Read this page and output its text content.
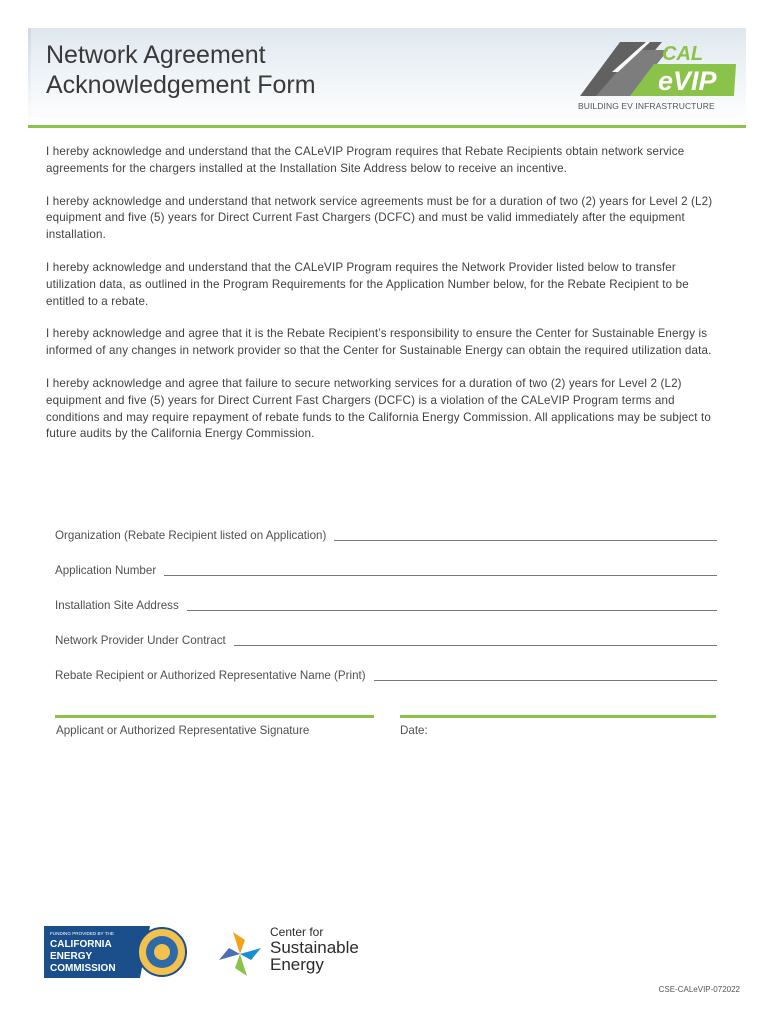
Network Agreement
Acknowledgement Form
CAL
eVIP
BUILDING EV INFRASTRUCTURE

I hereby acknowledge and understand that the CALeVIP Program requires that Rebate Recipients obtain network service agreements for the chargers installed at the Installation Site Address below to receive an incentive.

I hereby acknowledge and understand that network service agreements must be for a duration of two (2) years for Level 2 (L2) equipment and five (5) years for Direct Current Fast Chargers (DCFC) and must be valid immediately after the equipment installation.

I hereby acknowledge and understand that the CALeVIP Program requires the Network Provider listed below to transfer utilization data, as outlined in the Program Requirements for the Application Number below, for the Rebate Recipient to be entitled to a rebate.

I hereby acknowledge and agree that it is the Rebate Recipient’s responsibility to ensure the Center for Sustainable Energy is informed of any changes in network provider so that the Center for Sustainable Energy can obtain the required utilization data.

I hereby acknowledge and agree that failure to secure networking services for a duration of two (2) years for Level 2 (L2) equipment and five (5) years for Direct Current Fast Chargers (DCFC) is a violation of the CALeVIP Program terms and conditions and may require repayment of rebate funds to the California Energy Commission. All applications may be subject to future audits by the California Energy Commission.

Organization (Rebate Recipient listed on Application)
Application Number
Installation Site Address
Network Provider Under Contract
Rebate Recipient or Authorized Representative Name (Print)
Applicant or Authorized Representative Signature	Date:
FUNDING PROVIDED BY THE
CALIFORNIA
ENERGY
COMMISSION
Center for
Sustainable
Energy
CSE-CALeVIP-072022
